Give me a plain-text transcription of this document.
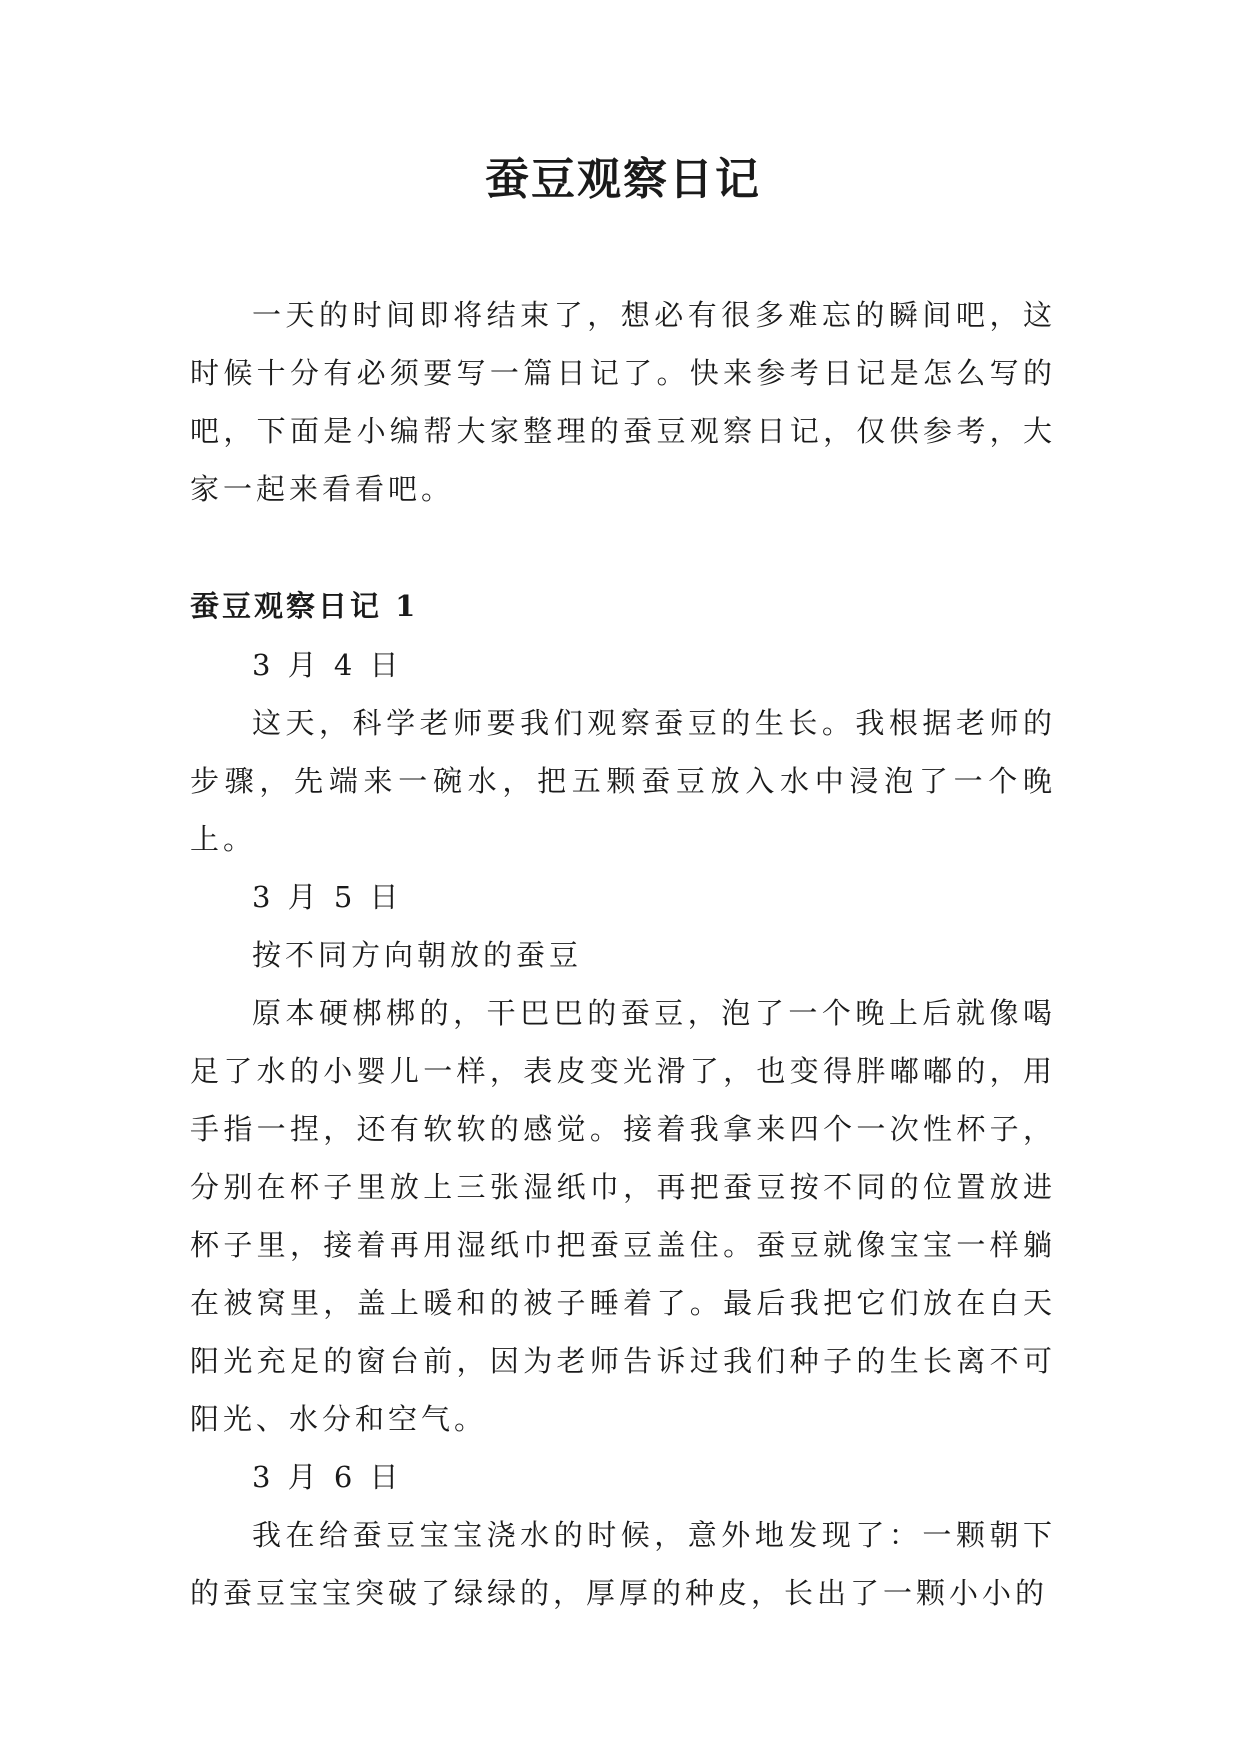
蚕豆观察日记

一天的时间即将结束了，想必有很多难忘的瞬间吧，这时候十分有必须要写一篇日记了。快来参考日记是怎么写的吧，下面是小编帮大家整理的蚕豆观察日记，仅供参考，大家一起来看看吧。

蚕豆观察日记 1

3 月 4 日

这天，科学老师要我们观察蚕豆的生长。我根据老师的步骤，先端来一碗水，把五颗蚕豆放入水中浸泡了一个晚上。

3 月 5 日

按不同方向朝放的蚕豆

原本硬梆梆的，干巴巴的蚕豆，泡了一个晚上后就像喝足了水的小婴儿一样，表皮变光滑了，也变得胖嘟嘟的，用手指一捏，还有软软的感觉。接着我拿来四个一次性杯子，分别在杯子里放上三张湿纸巾，再把蚕豆按不同的位置放进杯子里，接着再用湿纸巾把蚕豆盖住。蚕豆就像宝宝一样躺在被窝里，盖上暖和的被子睡着了。最后我把它们放在白天阳光充足的窗台前，因为老师告诉过我们种子的生长离不可阳光、水分和空气。

3 月 6 日

我在给蚕豆宝宝浇水的时候，意外地发现了：一颗朝下的蚕豆宝宝突破了绿绿的，厚厚的种皮，长出了一颗小小的
